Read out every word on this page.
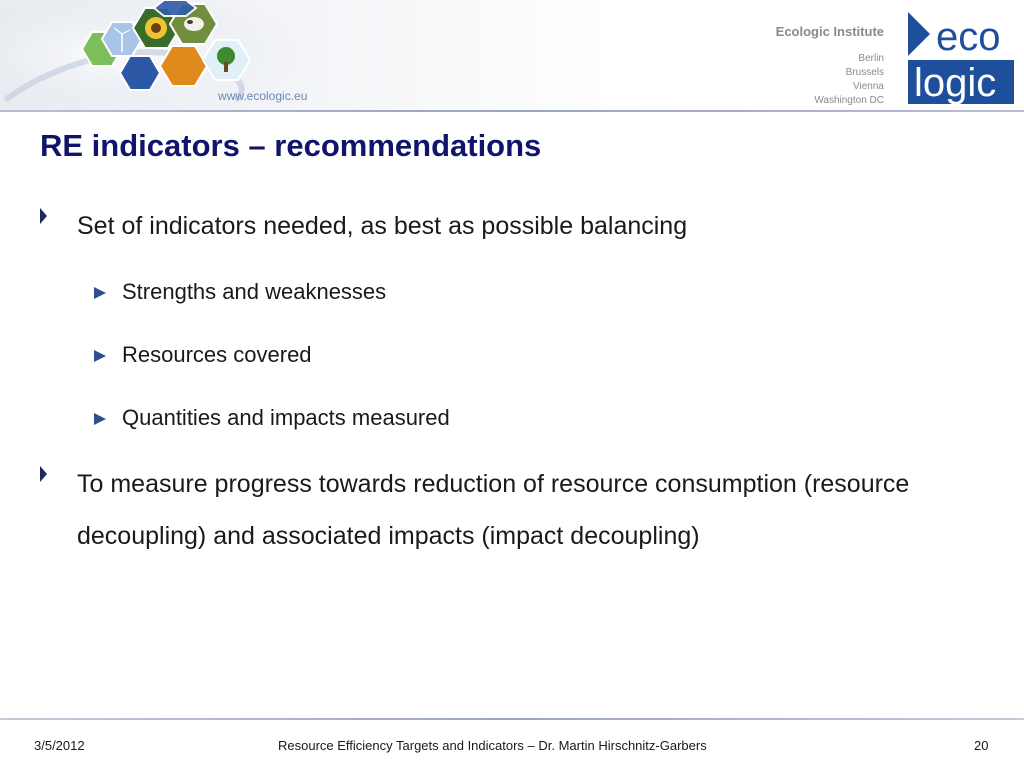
www.ecologic.eu
Ecologic Institute
Berlin
Brussels
Vienna
Washington DC
eco
logic
RE indicators – recommendations
Set of indicators needed, as best as possible balancing
Strengths and weaknesses
Resources covered
Quantities and impacts measured
To measure progress towards reduction of resource consumption (resource decoupling) and associated impacts (impact decoupling)
3/5/2012	Resource Efficiency Targets and Indicators – Dr. Martin Hirschnitz-Garbers	20
